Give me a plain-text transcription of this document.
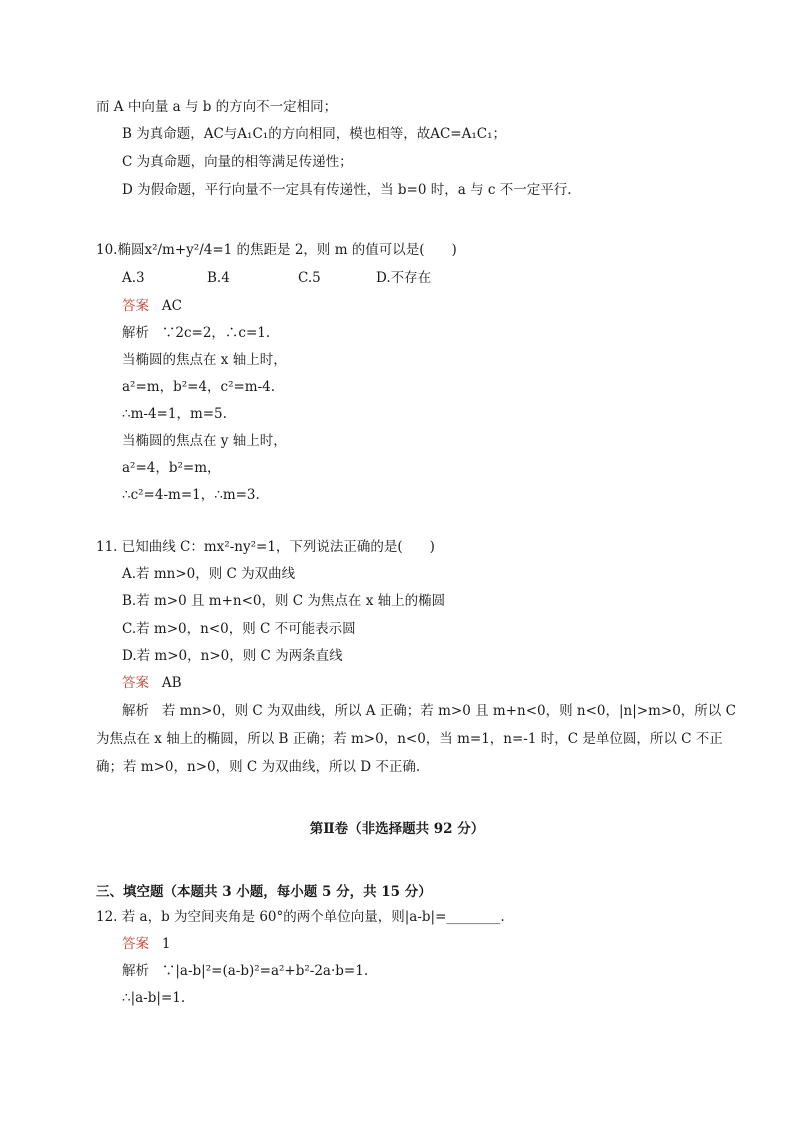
而 A 中向量 a 与 b 的方向不一定相同；
B 为真命题，AC与A₁C₁的方向相同，模也相等，故AC=A₁C₁；
C 为真命题，向量的相等满足传递性；
D 为假命题，平行向量不一定具有传递性，当 b=0 时，a 与 c 不一定平行.
10.椭圆x²/m+y²/4=1 的焦距是 2，则 m 的值可以是(　　)
A.3	B.4	C.5	D.不存在
答案 AC
解析 ∵2c=2，∴c=1.
当椭圆的焦点在 x 轴上时，
a²=m，b²=4，c²=m-4.
∴m-4=1，m=5.
当椭圆的焦点在 y 轴上时，
a²=4，b²=m，
∴c²=4-m=1，∴m=3.
11. 已知曲线 C：mx²-ny²=1，下列说法正确的是(　　)
A.若 mn>0，则 C 为双曲线
B.若 m>0 且 m+n<0，则 C 为焦点在 x 轴上的椭圆
C.若 m>0，n<0，则 C 不可能表示圆
D.若 m>0，n>0，则 C 为两条直线
答案 AB
解析 若 mn>0，则 C 为双曲线，所以 A 正确；若 m>0 且 m+n<0，则 n<0，|n|>m>0，所以 C
为焦点在 x 轴上的椭圆，所以 B 正确；若 m>0，n<0，当 m=1，n=-1 时，C 是单位圆，所以 C 不正
确；若 m>0，n>0，则 C 为双曲线，所以 D 不正确.
第Ⅱ卷（非选择题共 92 分）
三、填空题（本题共 3 小题，每小题 5 分，共 15 分）
12. 若 a，b 为空间夹角是 60°的两个单位向量，则|a-b|=________.
答案 1
解析 ∵|a-b|²=(a-b)²=a²+b²-2a·b=1.
∴|a-b|=1.
